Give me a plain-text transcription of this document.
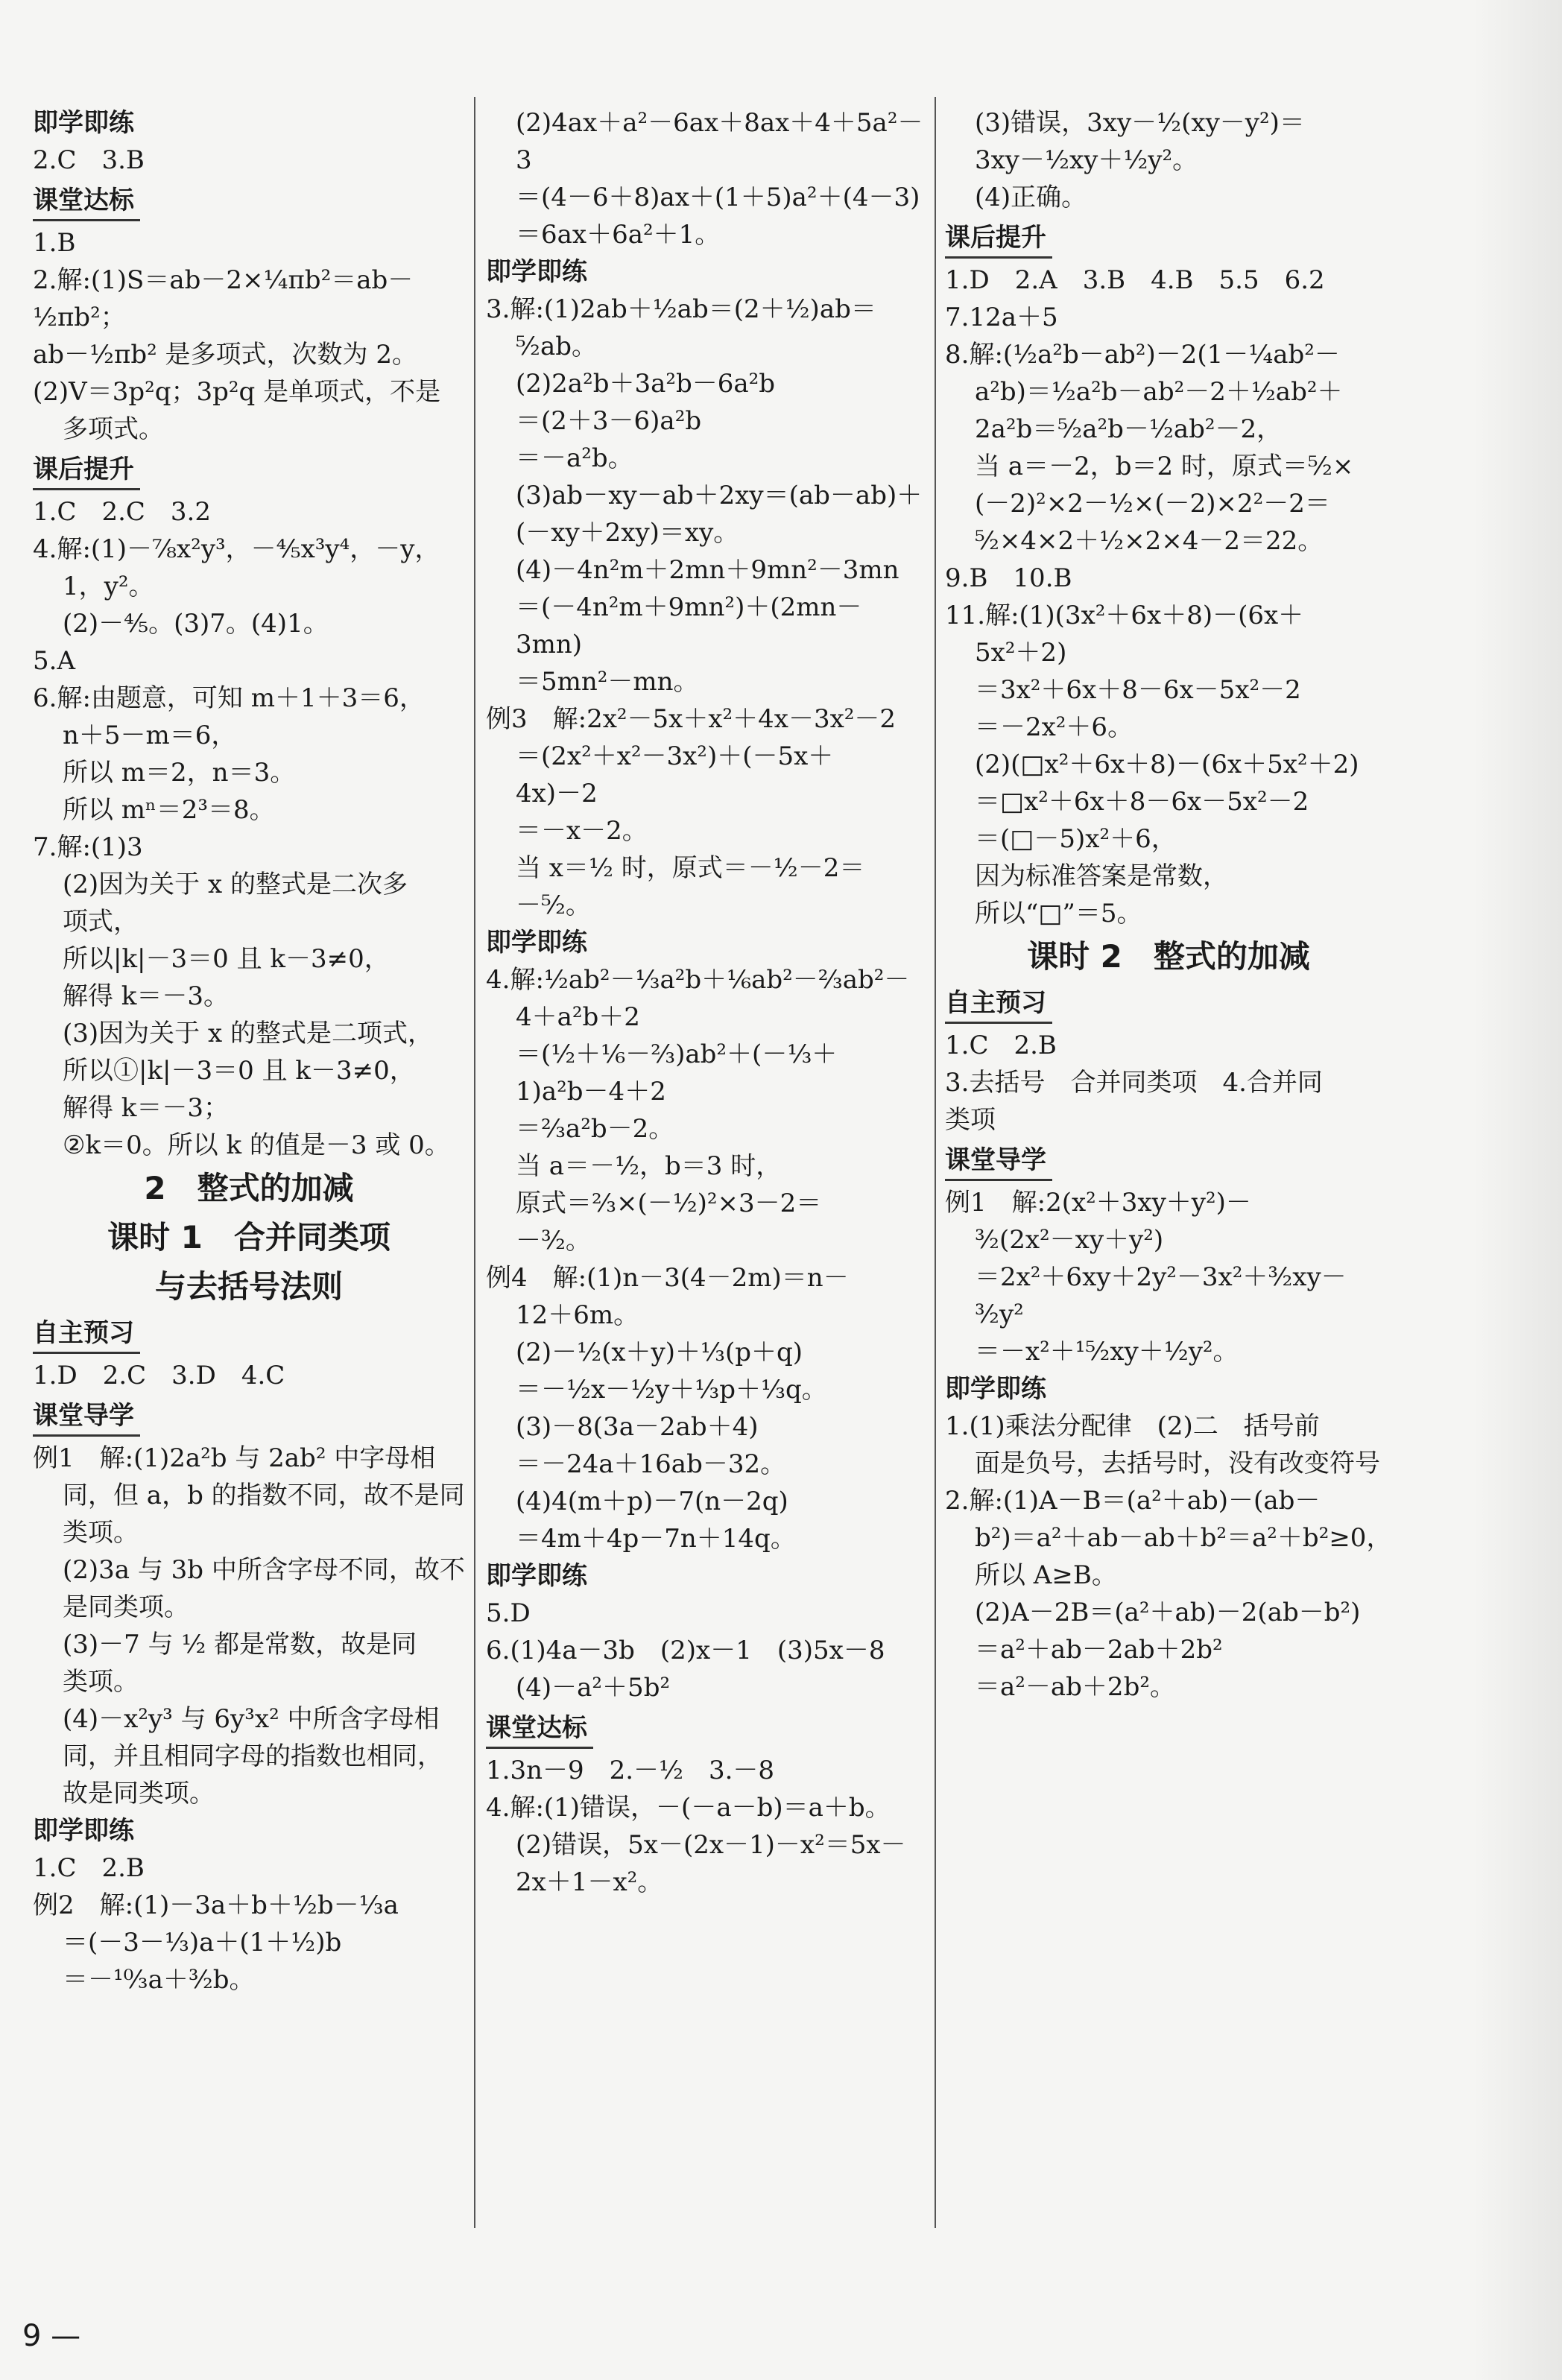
即学即练
2.C　3.B
课堂达标
1.B
2.解:(1)S＝ab－2×¼πb²＝ab－
½πb²；
ab－½πb² 是多项式，次数为 2。
(2)V＝3p²q；3p²q 是单项式，不是
多项式。
课后提升
1.C　2.C　3.2
4.解:(1)－⅞x²y³，－⅘x³y⁴，－y，
1，y²。
(2)－⅘。(3)7。(4)1。
5.A
6.解:由题意，可知 m＋1＋3＝6，
n＋5－m＝6，
所以 m＝2，n＝3。
所以 mⁿ＝2³＝8。
7.解:(1)3
(2)因为关于 x 的整式是二次多
项式，
所以|k|－3＝0 且 k－3≠0，
解得 k＝－3。
(3)因为关于 x 的整式是二项式，
所以①|k|－3＝0 且 k－3≠0，
解得 k＝－3；
②k＝0。所以 k 的值是－3 或 0。
2　整式的加减
课时 1　合并同类项
与去括号法则
自主预习
1.D　2.C　3.D　4.C
课堂导学
例1　解:(1)2a²b 与 2ab² 中字母相
同，但 a，b 的指数不同，故不是同
类项。
(2)3a 与 3b 中所含字母不同，故不
是同类项。
(3)－7 与 ½ 都是常数，故是同
类项。
(4)－x²y³ 与 6y³x² 中所含字母相
同，并且相同字母的指数也相同，
故是同类项。
即学即练
1.C　2.B
例2　解:(1)－3a＋b＋½b－⅓a
＝(－3－⅓)a＋(1＋½)b
＝－¹⁰⁄₃a＋³⁄₂b。
(2)4ax＋a²－6ax＋8ax＋4＋5a²－3
＝(4－6＋8)ax＋(1＋5)a²＋(4－3)
＝6ax＋6a²＋1。
即学即练
3.解:(1)2ab＋½ab＝(2＋½)ab＝
⁵⁄₂ab。
(2)2a²b＋3a²b－6a²b
＝(2＋3－6)a²b
＝－a²b。
(3)ab－xy－ab＋2xy＝(ab－ab)＋
(－xy＋2xy)＝xy。
(4)－4n²m＋2mn＋9mn²－3mn
＝(－4n²m＋9mn²)＋(2mn－3mn)
＝5mn²－mn。
例3　解:2x²－5x＋x²＋4x－3x²－2
＝(2x²＋x²－3x²)＋(－5x＋
4x)－2
＝－x－2。
当 x＝½ 时，原式＝－½－2＝
－⁵⁄₂。
即学即练
4.解:½ab²－⅓a²b＋⅙ab²－⅔ab²－
4＋a²b＋2
＝(½＋⅙－⅔)ab²＋(－⅓＋
1)a²b－4＋2
＝⅔a²b－2。
当 a＝－½，b＝3 时，
原式＝⅔×(－½)²×3－2＝
－³⁄₂。
例4　解:(1)n－3(4－2m)＝n－
12＋6m。
(2)－½(x＋y)＋⅓(p＋q)
＝－½x－½y＋⅓p＋⅓q。
(3)－8(3a－2ab＋4)
＝－24a＋16ab－32。
(4)4(m＋p)－7(n－2q)
＝4m＋4p－7n＋14q。
即学即练
5.D
6.(1)4a－3b　(2)x－1　(3)5x－8
(4)－a²＋5b²
课堂达标
1.3n－9　2.－½　3.－8
4.解:(1)错误，－(－a－b)＝a＋b。
(2)错误，5x－(2x－1)－x²＝5x－
2x＋1－x²。
(3)错误，3xy－½(xy－y²)＝
3xy－½xy＋½y²。
(4)正确。
课后提升
1.D　2.A　3.B　4.B　5.5　6.2
7.12a＋5
8.解:(½a²b－ab²)－2(1－¼ab²－
a²b)＝½a²b－ab²－2＋½ab²＋
2a²b＝⁵⁄₂a²b－½ab²－2，
当 a＝－2，b＝2 时，原式＝⁵⁄₂×
(－2)²×2－½×(－2)×2²－2＝
⁵⁄₂×4×2＋½×2×4－2＝22。
9.B　10.B
11.解:(1)(3x²＋6x＋8)－(6x＋
5x²＋2)
＝3x²＋6x＋8－6x－5x²－2
＝－2x²＋6。
(2)(□x²＋6x＋8)－(6x＋5x²＋2)
＝□x²＋6x＋8－6x－5x²－2
＝(□－5)x²＋6，
因为标准答案是常数，
所以“□”＝5。
课时 2　整式的加减
自主预习
1.C　2.B
3.去括号　合并同类项　4.合并同
类项
课堂导学
例1　解:2(x²＋3xy＋y²)－
³⁄₂(2x²－xy＋y²)
＝2x²＋6xy＋2y²－3x²＋³⁄₂xy－
³⁄₂y²
＝－x²＋¹⁵⁄₂xy＋½y²。
即学即练
1.(1)乘法分配律　(2)二　括号前
面是负号，去括号时，没有改变符号
2.解:(1)A－B＝(a²＋ab)－(ab－
b²)＝a²＋ab－ab＋b²＝a²＋b²≥0，
所以 A≥B。
(2)A－2B＝(a²＋ab)－2(ab－b²)
＝a²＋ab－2ab＋2b²
＝a²－ab＋2b²。
9 —
